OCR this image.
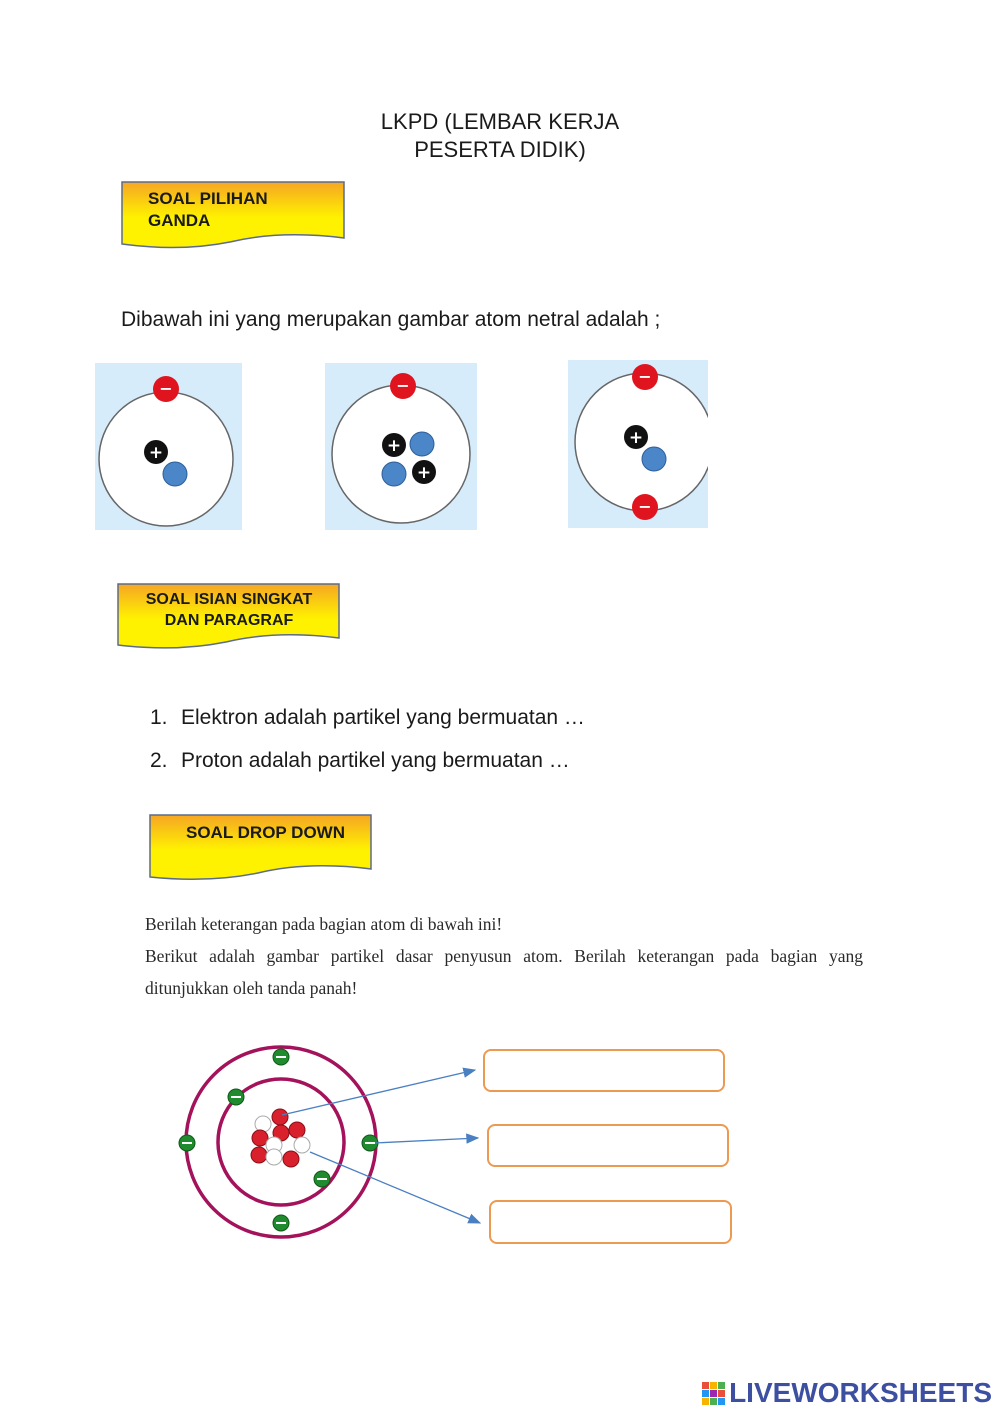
LKPD (LEMBAR KERJA
PESERTA DIDIK)
SOAL PILIHAN
GANDA
Dibawah ini yang merupakan gambar atom netral adalah ;
−
+
−
+
+
−
−
+
SOAL ISIAN SINGKAT
DAN PARAGRAF
1. Elektron adalah partikel yang bermuatan …
2. Proton adalah partikel yang bermuatan …
SOAL DROP DOWN
Berilah keterangan pada bagian atom di bawah ini!
Berikut adalah gambar partikel dasar penyusun atom. Berilah keterangan pada bagian yang ditunjukkan oleh tanda panah!
LIVEWORKSHEETS
